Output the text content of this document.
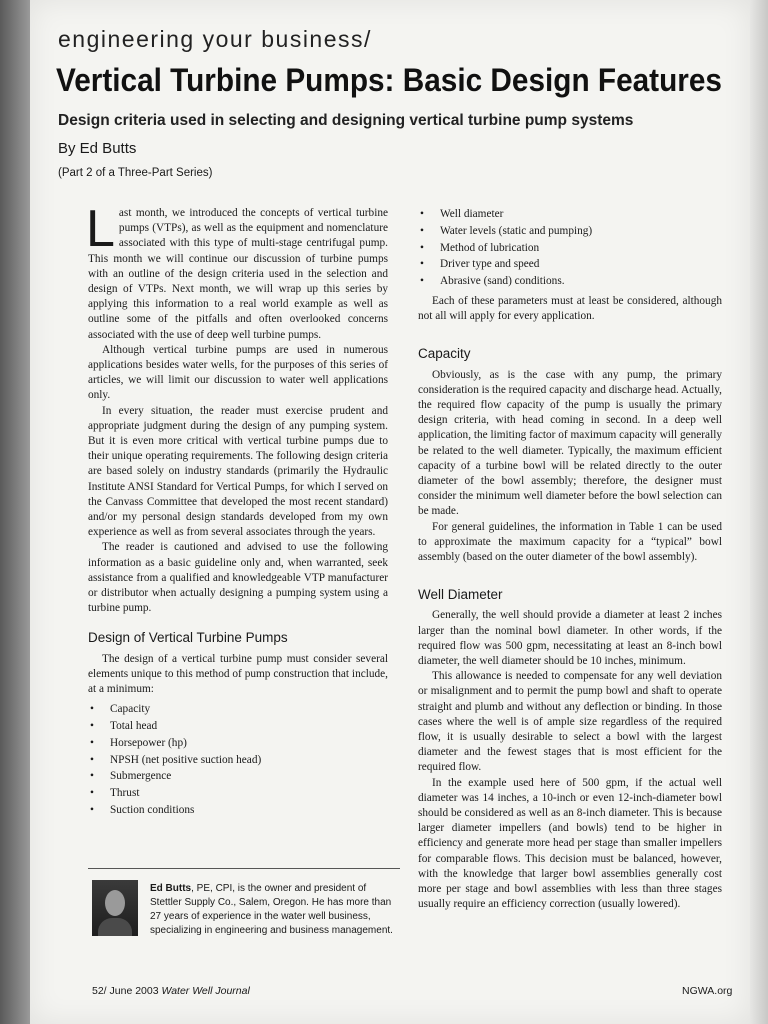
engineering your business/
Vertical Turbine Pumps: Basic Design Features
Design criteria used in selecting and designing vertical turbine pump systems
By Ed Butts
(Part 2 of a Three-Part Series)

Last month, we introduced the concepts of vertical turbine pumps (VTPs), as well as the equipment and nomenclature associated with this type of multi-stage centrifugal pump. This month we will continue our discussion of turbine pumps with an outline of the design criteria used in the selection and design of VTPs. Next month, we will wrap up this series by applying this information to a real world example as well as outline some of the pitfalls and often overlooked concerns associated with the use of deep well turbine pumps.

Although vertical turbine pumps are used in numerous applications besides water wells, for the purposes of this series of articles, we will limit our discussion to water well applications only.

In every situation, the reader must exercise prudent and appropriate judgment during the design of any pumping system. But it is even more critical with vertical turbine pumps due to their unique operating requirements. The following design criteria are based solely on industry standards (primarily the Hydraulic Institute ANSI Standard for Vertical Pumps, for which I served on the Canvass Committee that developed the most recent standard) and/or my personal design standards developed from my own experience as well as from several associates through the years.

The reader is cautioned and advised to use the following information as a basic guideline only and, when warranted, seek assistance from a qualified and knowledgeable VTP manufacturer or distributor when actually designing a pumping system using a turbine pump.

Design of Vertical Turbine Pumps

The design of a vertical turbine pump must consider several elements unique to this method of pump construction that include, at a minimum:

• Capacity
• Total head
• Horsepower (hp)
• NPSH (net positive suction head)
• Submergence
• Thrust
• Suction conditions
• Well diameter
• Water levels (static and pumping)
• Method of lubrication
• Driver type and speed
• Abrasive (sand) conditions.

Each of these parameters must at least be considered, although not all will apply for every application.

Capacity

Obviously, as is the case with any pump, the primary consideration is the required capacity and discharge head. Actually, the required flow capacity of the pump is usually the primary design criteria, with head coming in second. In a deep well application, the limiting factor of maximum capacity will generally be related to the well diameter. Typically, the maximum efficient capacity of a turbine bowl will be related directly to the outer diameter of the bowl assembly; therefore, the designer must consider the minimum well diameter before the bowl selection can be made.

For general guidelines, the information in Table 1 can be used to approximate the maximum capacity for a “typical” bowl assembly (based on the outer diameter of the bowl assembly).

Well Diameter

Generally, the well should provide a diameter at least 2 inches larger than the nominal bowl diameter. In other words, if the required flow was 500 gpm, necessitating at least an 8-inch bowl diameter, the well diameter should be 10 inches, minimum.

This allowance is needed to compensate for any well deviation or misalignment and to permit the pump bowl and shaft to operate straight and plumb and without any deflection or binding. In those cases where the well is of ample size regardless of the required flow, it is usually desirable to select a bowl with the largest diameter and the fewest stages that is most efficient for the required flow.

In the example used here of 500 gpm, if the actual well diameter was 14 inches, a 10-inch or even 12-inch-diameter bowl should be considered as well as an 8-inch diameter. This is because larger diameter impellers (and bowls) tend to be higher in efficiency and generate more head per stage than smaller impellers for comparable flows. This decision must be balanced, however, with the knowledge that larger bowl assemblies generally cost more per stage and bowl assemblies with less than three stages usually require an efficiency correction (usually lowered).

Ed Butts, PE, CPI, is the owner and president of Stettler Supply Co., Salem, Oregon. He has more than 27 years of experience in the water well business, specializing in engineering and business management.
52/ June 2003 Water Well Journal	NGWA.org
